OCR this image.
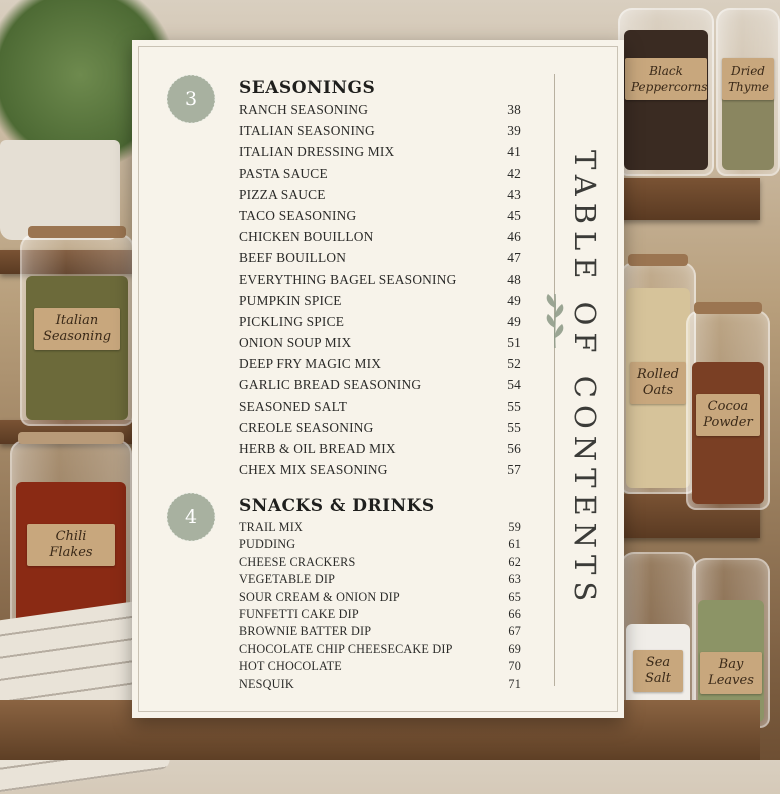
Italian
Seasoning
Chili
Flakes
Black
Peppercorns
Dried
Thyme
Rolled
Oats
Cocoa
Powder
Sea
Salt
Bay
Leaves
TABLE OF CONTENTS
3	SEASONINGS
RANCH SEASONING	38
ITALIAN SEASONING	39
ITALIAN DRESSING MIX	41
PASTA SAUCE	42
PIZZA SAUCE	43
TACO SEASONING	45
CHICKEN BOUILLON	46
BEEF BOUILLON	47
EVERYTHING BAGEL SEASONING	48
PUMPKIN SPICE	49
PICKLING SPICE	49
ONION SOUP MIX	51
DEEP FRY MAGIC MIX	52
GARLIC BREAD SEASONING	54
SEASONED SALT	55
CREOLE SEASONING	55
HERB & OIL BREAD MIX	56
CHEX MIX SEASONING	57
4	SNACKS & DRINKS
TRAIL MIX	59
PUDDING	61
CHEESE CRACKERS	62
VEGETABLE DIP	63
SOUR CREAM & ONION DIP	65
FUNFETTI CAKE DIP	66
BROWNIE BATTER DIP	67
CHOCOLATE CHIP CHEESECAKE DIP	69
HOT CHOCOLATE	70
NESQUIK	71
